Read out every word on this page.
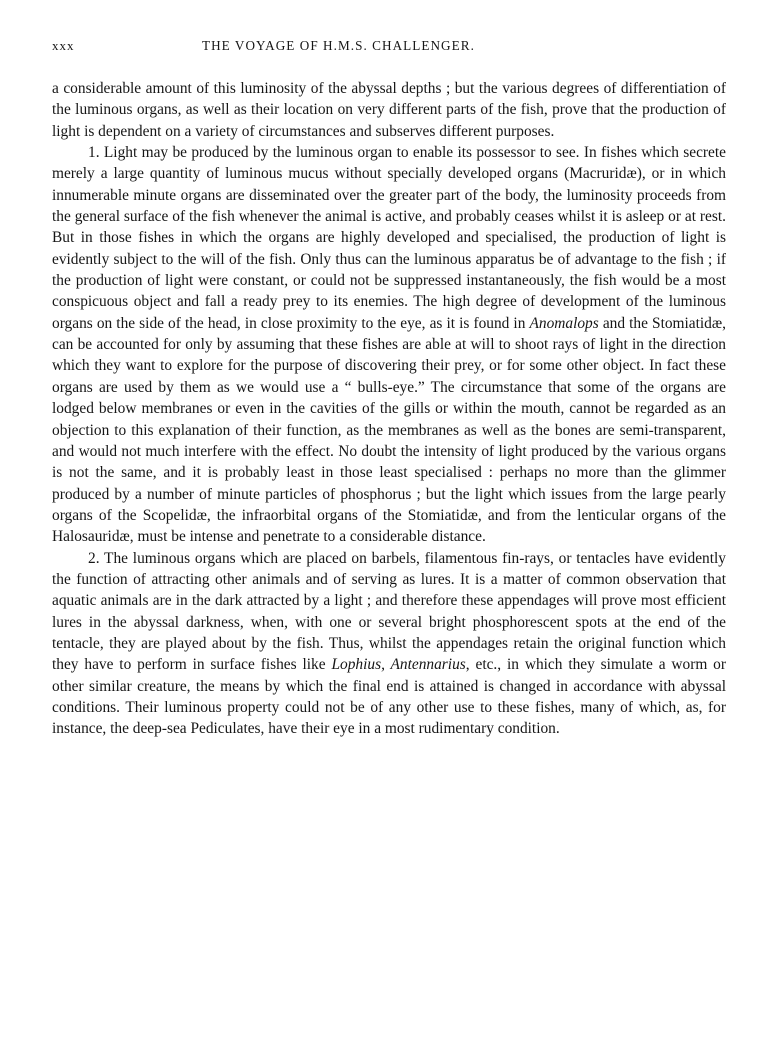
xxx	THE VOYAGE OF H.M.S. CHALLENGER.

a considerable amount of this luminosity of the abyssal depths ; but the various degrees of differentiation of the luminous organs, as well as their location on very different parts of the fish, prove that the production of light is dependent on a variety of circumstances and subserves different purposes.

1. Light may be produced by the luminous organ to enable its possessor to see. In fishes which secrete merely a large quantity of luminous mucus without specially developed organs (Macruridæ), or in which innumerable minute organs are disseminated over the greater part of the body, the luminosity proceeds from the general surface of the fish whenever the animal is active, and probably ceases whilst it is asleep or at rest. But in those fishes in which the organs are highly developed and specialised, the production of light is evidently subject to the will of the fish. Only thus can the luminous apparatus be of advantage to the fish ; if the production of light were constant, or could not be suppressed instantaneously, the fish would be a most conspicuous object and fall a ready prey to its enemies. The high degree of development of the luminous organs on the side of the head, in close proximity to the eye, as it is found in Anomalops and the Stomiatidæ, can be accounted for only by assuming that these fishes are able at will to shoot rays of light in the direction which they want to explore for the purpose of discovering their prey, or for some other object. In fact these organs are used by them as we would use a “ bulls-eye.” The circumstance that some of the organs are lodged below membranes or even in the cavities of the gills or within the mouth, cannot be regarded as an objection to this explanation of their function, as the membranes as well as the bones are semi-transparent, and would not much interfere with the effect. No doubt the intensity of light produced by the various organs is not the same, and it is probably least in those least specialised : perhaps no more than the glimmer produced by a number of minute particles of phosphorus ; but the light which issues from the large pearly organs of the Scopelidæ, the infraorbital organs of the Stomiatidæ, and from the lenticular organs of the Halosauridæ, must be intense and penetrate to a considerable distance.

2. The luminous organs which are placed on barbels, filamentous fin-rays, or tentacles have evidently the function of attracting other animals and of serving as lures. It is a matter of common observation that aquatic animals are in the dark attracted by a light ; and therefore these appendages will prove most efficient lures in the abyssal darkness, when, with one or several bright phosphorescent spots at the end of the tentacle, they are played about by the fish. Thus, whilst the appendages retain the original function which they have to perform in surface fishes like Lophius, Antennarius, etc., in which they simulate a worm or other similar creature, the means by which the final end is attained is changed in accordance with abyssal conditions. Their luminous property could not be of any other use to these fishes, many of which, as, for instance, the deep-sea Pediculates, have their eye in a most rudimentary condition.
